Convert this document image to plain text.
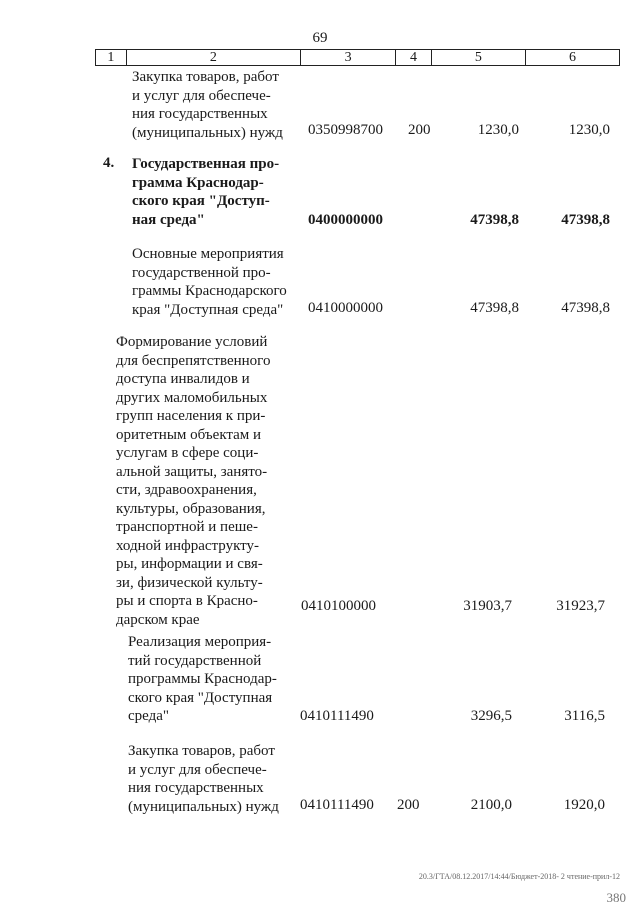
69
1	2	3	4	5	6
Закупка товаров, работ
и услуг для обеспече-
ния государственных
(муниципальных) нужд	0350998700 200	1230,0	1230,0
4. Государственная про-
грамма Краснодар-
ского края "Доступ-
ная среда"	0400000000	47398,8	47398,8
Основные мероприятия
государственной про-
граммы Краснодарского
края "Доступная среда"	0410000000	47398,8	47398,8
Формирование условий
для беспрепятственного
доступа инвалидов и
других маломобильных
групп населения к при-
оритетным объектам и
услугам в сфере соци-
альной защиты, занято-
сти, здравоохранения,
культуры, образования,
транспортной и пеше-
ходной инфраструкту-
ры, информации и свя-
зи, физической культу-
ры и спорта в Красно-
дарском крае
0410100000	31903,7	31923,7
Реализация мероприя-
тий государственной
программы Краснодар-
ского края "Доступная
среда"	0410111490	3296,5	3116,5
Закупка товаров, работ
и услуг для обеспече-
ния государственных
(муниципальных) нужд	0410111490 200	2100,0	1920,0
20.3/ГТА/08.12.2017/14:44/Бюджет-2018- 2 чтение-прил-12
380
